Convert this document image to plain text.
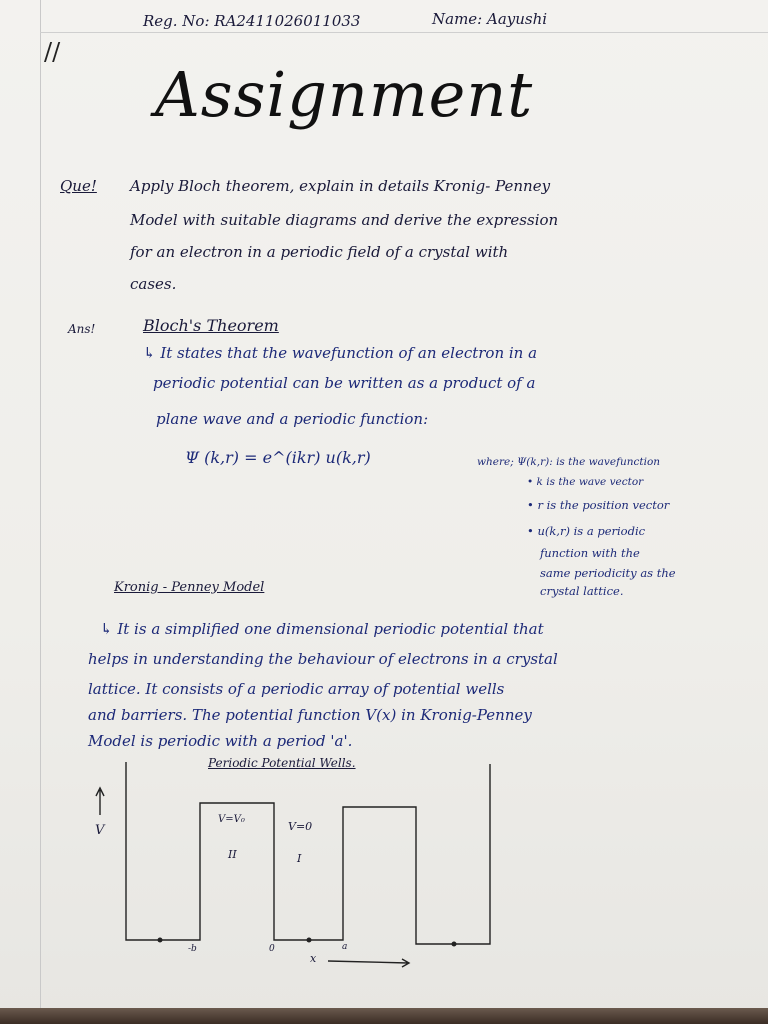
//
Reg. No: RA2411026011033	Name: Aayushi
Assignment
Que! Apply Bloch theorem, explain in details Kronig- Penney
Model with suitable diagrams and derive the expression
for an electron in a periodic field of a crystal with
cases.
Ans!	Bloch's Theorem
↳ It states that the wavefunction of an electron in a
periodic potential can be written as a product of a
plane wave and a periodic function:
Ψ (k,r) = e^(ikr) u(k,r)	where; Ψ(k,r): is the wavefunction
• k is the wave vector
• r is the position vector
• u(k,r) is a periodic
function with the
same periodicity as the
crystal lattice.
Kronig - Penney Model
↳ It is a simplified one dimensional periodic potential that
helps in understanding the behaviour of electrons in a crystal
lattice. It consists of a periodic array of potential wells
and barriers. The potential function V(x) in Kronig-Penney
Model is periodic with a period 'a'.
Periodic Potential Wells.
V
V=V₀
V=0
II	I
-b	0	a
x
